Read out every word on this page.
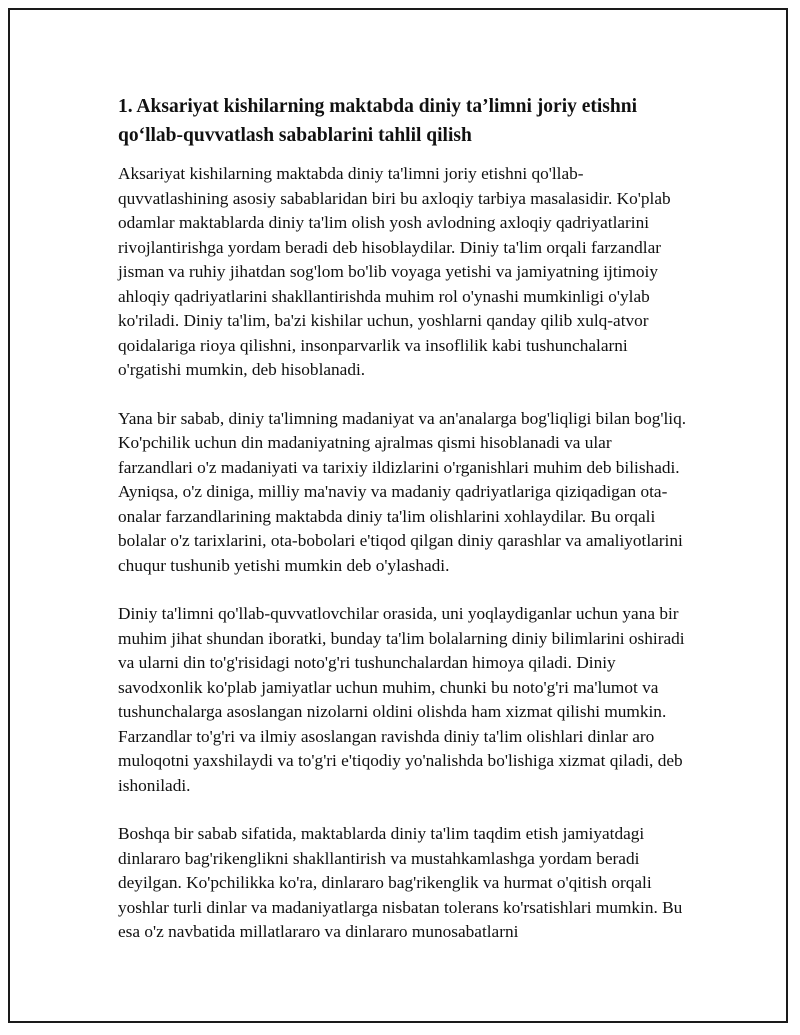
1. Aksariyat kishilarning maktabda diniy ta’limni joriy etishni qo‘llab-quvvatlash sabablarini tahlil qilish

Aksariyat kishilarning maktabda diniy ta'limni joriy etishni qo'llab-quvvatlashining asosiy sabablaridan biri bu axloqiy tarbiya masalasidir. Ko'plab odamlar maktablarda diniy ta'lim olish yosh avlodning axloqiy qadriyatlarini rivojlantirishga yordam beradi deb hisoblaydilar. Diniy ta'lim orqali farzandlar jisman va ruhiy jihatdan sog'lom bo'lib voyaga yetishi va jamiyatning ijtimoiy ahloqiy qadriyatlarini shakllantirishda muhim rol o'ynashi mumkinligi o'ylab ko'riladi. Diniy ta'lim, ba'zi kishilar uchun, yoshlarni qanday qilib xulq-atvor qoidalariga rioya qilishni, insonparvarlik va insoflilik kabi tushunchalarni o'rgatishi mumkin, deb hisoblanadi.

Yana bir sabab, diniy ta'limning madaniyat va an'analarga bog'liqligi bilan bog'liq. Ko'pchilik uchun din madaniyatning ajralmas qismi hisoblanadi va ular farzandlari o'z madaniyati va tarixiy ildizlarini o'rganishlari muhim deb bilishadi. Ayniqsa, o'z diniga, milliy ma'naviy va madaniy qadriyatlariga qiziqadigan ota-onalar farzandlarining maktabda diniy ta'lim olishlarini xohlaydilar. Bu orqali bolalar o'z tarixlarini, ota-bobolari e'tiqod qilgan diniy qarashlar va amaliyotlarini chuqur tushunib yetishi mumkin deb o'ylashadi.

Diniy ta'limni qo'llab-quvvatlovchilar orasida, uni yoqlaydiganlar uchun yana bir muhim jihat shundan iboratki, bunday ta'lim bolalarning diniy bilimlarini oshiradi va ularni din to'g'risidagi noto'g'ri tushunchalardan himoya qiladi. Diniy savodxonlik ko'plab jamiyatlar uchun muhim, chunki bu noto'g'ri ma'lumot va tushunchalarga asoslangan nizolarni oldini olishda ham xizmat qilishi mumkin. Farzandlar to'g'ri va ilmiy asoslangan ravishda diniy ta'lim olishlari dinlar aro muloqotni yaxshilaydi va to'g'ri e'tiqodiy yo'nalishda bo'lishiga xizmat qiladi, deb ishoniladi.

Boshqa bir sabab sifatida, maktablarda diniy ta'lim taqdim etish jamiyatdagi dinlararo bag'rikenglikni shakllantirish va mustahkamlashga yordam beradi deyilgan. Ko'pchilikka ko'ra, dinlararo bag'rikenglik va hurmat o'qitish orqali yoshlar turli dinlar va madaniyatlarga nisbatan tolerans ko'rsatishlari mumkin. Bu esa o'z navbatida millatlararo va dinlararo munosabatlarni
